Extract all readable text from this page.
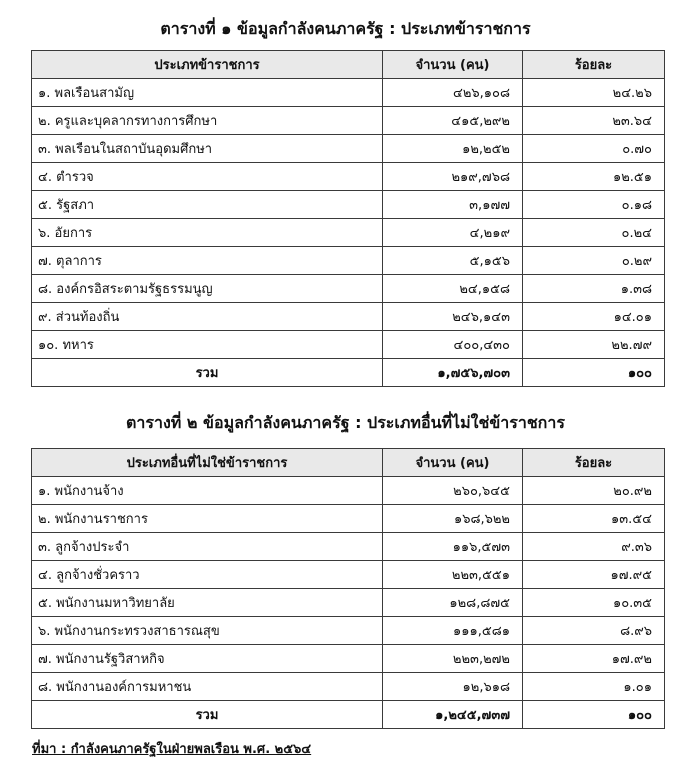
ตารางที่ ๑ ข้อมูลกำลังคนภาครัฐ : ประเภทข้าราชการ
ประเภทข้าราชการ	จำนวน (คน)	ร้อยละ
๑. พลเรือนสามัญ	๔๒๖,๑๐๘	๒๔.๒๖
๒. ครูและบุคลากรทางการศึกษา	๔๑๕,๒๙๒	๒๓.๖๔
๓. พลเรือนในสถาบันอุดมศึกษา	๑๒,๒๕๒	๐.๗๐
๔. ตำรวจ	๒๑๙,๗๖๘	๑๒.๕๑
๕. รัฐสภา	๓,๑๗๗	๐.๑๘
๖. อัยการ	๔,๒๑๙	๐.๒๔
๗. ตุลาการ	๕,๑๕๖	๐.๒๙
๘. องค์กรอิสระตามรัฐธรรมนูญ	๒๔,๑๕๘	๑.๓๘
๙. ส่วนท้องถิ่น	๒๔๖,๑๔๓	๑๔.๐๑
๑๐. ทหาร	๔๐๐,๔๓๐	๒๒.๗๙
รวม	๑,๗๕๖,๗๐๓	๑๐๐
ตารางที่ ๒ ข้อมูลกำลังคนภาครัฐ : ประเภทอื่นที่ไม่ใช่ข้าราชการ
ประเภทอื่นที่ไม่ใช่ข้าราชการ	จำนวน (คน)	ร้อยละ
๑. พนักงานจ้าง	๒๖๐,๖๔๕	๒๐.๙๒
๒. พนักงานราชการ	๑๖๘,๖๒๒	๑๓.๕๔
๓. ลูกจ้างประจำ	๑๑๖,๕๗๓	๙.๓๖
๔. ลูกจ้างชั่วคราว	๒๒๓,๕๕๑	๑๗.๙๕
๕. พนักงานมหาวิทยาลัย	๑๒๘,๘๗๕	๑๐.๓๕
๖. พนักงานกระทรวงสาธารณสุข	๑๑๑,๕๘๑	๘.๙๖
๗. พนักงานรัฐวิสาหกิจ	๒๒๓,๒๗๒	๑๗.๙๒
๘. พนักงานองค์การมหาชน	๑๒,๖๑๘	๑.๐๑
รวม	๑,๒๔๕,๗๓๗	๑๐๐
ที่มา : กำลังคนภาครัฐในฝ่ายพลเรือน พ.ศ. ๒๕๖๔
